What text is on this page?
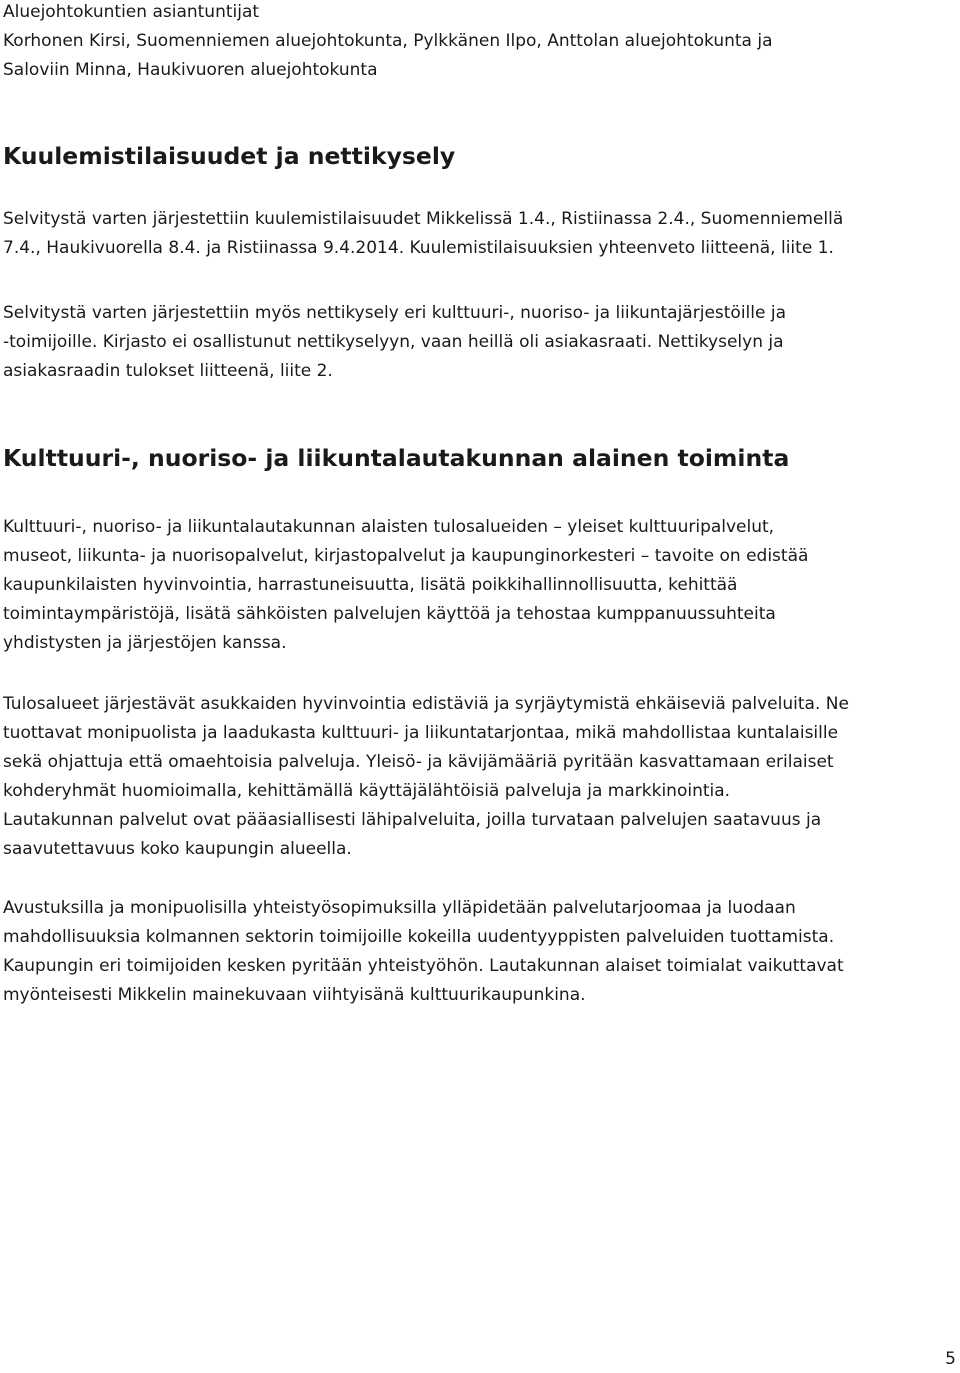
Aluejohtokuntien asiantuntijat
Korhonen Kirsi, Suomenniemen aluejohtokunta, Pylkkänen Ilpo, Anttolan aluejohtokunta ja
Saloviin Minna, Haukivuoren aluejohtokunta
Kuulemistilaisuudet ja nettikysely
Selvitystä varten järjestettiin kuulemistilaisuudet Mikkelissä 1.4., Ristiinassa 2.4., Suomenniemellä
7.4., Haukivuorella 8.4. ja Ristiinassa 9.4.2014. Kuulemistilaisuuksien yhteenveto liitteenä, liite 1.
Selvitystä varten järjestettiin myös nettikysely eri kulttuuri-, nuoriso- ja liikuntajärjestöille ja
-toimijoille. Kirjasto ei osallistunut nettikyselyyn, vaan heillä oli asiakasraati. Nettikyselyn ja
asiakasraadin tulokset liitteenä, liite 2.
Kulttuuri-, nuoriso- ja liikuntalautakunnan alainen toiminta
Kulttuuri-, nuoriso- ja liikuntalautakunnan alaisten tulosalueiden – yleiset kulttuuripalvelut,
museot, liikunta- ja nuorisopalvelut, kirjastopalvelut ja kaupunginorkesteri – tavoite on edistää
kaupunkilaisten hyvinvointia, harrastuneisuutta, lisätä poikkihallinnollisuutta, kehittää
toimintaympäristöjä, lisätä sähköisten palvelujen käyttöä ja tehostaa kumppanuussuhteita
yhdistysten ja järjestöjen kanssa.
Tulosalueet järjestävät asukkaiden hyvinvointia edistäviä ja syrjäytymistä ehkäiseviä palveluita. Ne
tuottavat monipuolista ja laadukasta kulttuuri- ja liikuntatarjontaa, mikä mahdollistaa kuntalaisille
sekä ohjattuja että omaehtoisia palveluja. Yleisö- ja kävijämääriä pyritään kasvattamaan erilaiset
kohderyhmät huomioimalla, kehittämällä käyttäjälähtöisiä palveluja ja markkinointia.
Lautakunnan palvelut ovat pääasiallisesti lähipalveluita, joilla turvataan palvelujen saatavuus ja
saavutettavuus koko kaupungin alueella.
Avustuksilla ja monipuolisilla yhteistyösopimuksilla ylläpidetään palvelutarjoomaa ja luodaan
mahdollisuuksia kolmannen sektorin toimijoille kokeilla uudentyyppisten palveluiden tuottamista.
Kaupungin eri toimijoiden kesken pyritään yhteistyöhön. Lautakunnan alaiset toimialat vaikuttavat
myönteisesti Mikkelin mainekuvaan viihtyisänä kulttuurikaupunkina.
5
